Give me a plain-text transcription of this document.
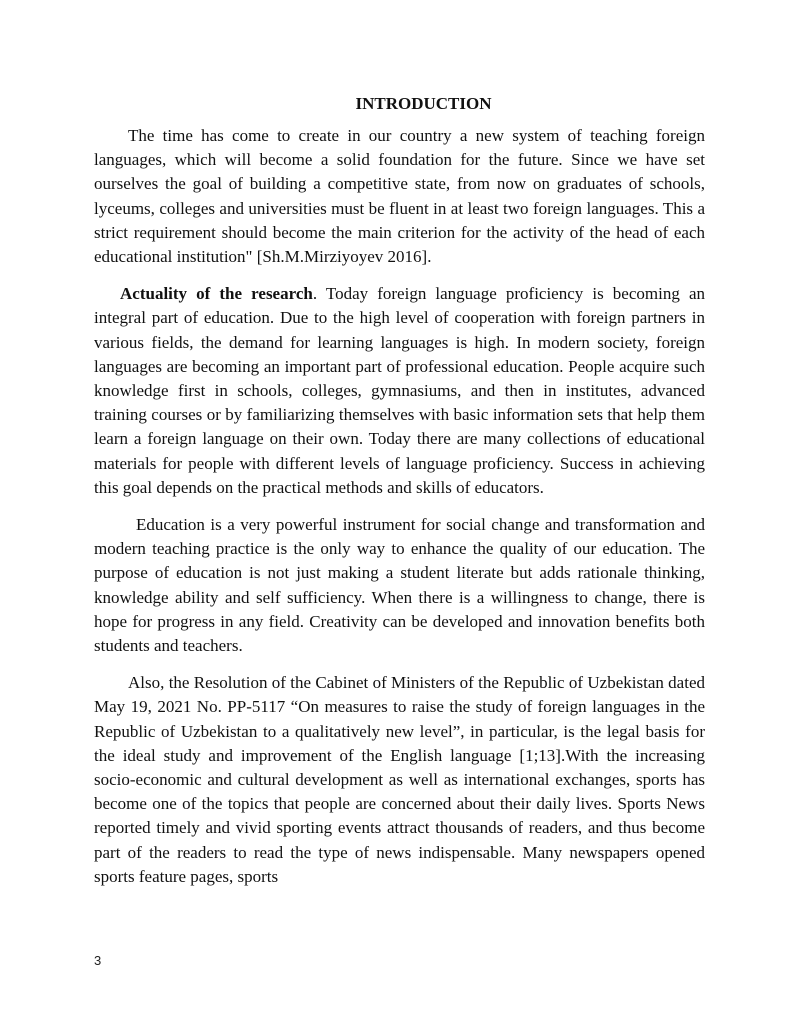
INTRODUCTION

The time has come to create in our country a new system of teaching foreign languages, which will become a solid foundation for the future. Since we have set ourselves the goal of building a competitive state, from now on graduates of schools, lyceums, colleges and universities must be fluent in at least two foreign languages. This a strict requirement should become the main criterion for the activity of the head of each educational institution" [Sh.M.Mirziyoyev 2016].

Actuality of the research. Today foreign language proficiency is becoming an integral part of education. Due to the high level of cooperation with foreign partners in various fields, the demand for learning languages is high. In modern society, foreign languages are becoming an important part of professional education. People acquire such knowledge first in schools, colleges, gymnasiums, and then in institutes, advanced training courses or by familiarizing themselves with basic information sets that help them learn a foreign language on their own. Today there are many collections of educational materials for people with different levels of language proficiency. Success in achieving this goal depends on the practical methods and skills of educators.

Education is a very powerful instrument for social change and transformation and modern teaching practice is the only way to enhance the quality of our education. The purpose of education is not just making a student literate but adds rationale thinking, knowledge ability and self sufficiency. When there is a willingness to change, there is hope for progress in any field. Creativity can be developed and innovation benefits both students and teachers.

Also, the Resolution of the Cabinet of Ministers of the Republic of Uzbekistan dated May 19, 2021 No. PP-5117 “On measures to raise the study of foreign languages in the Republic of Uzbekistan to a qualitatively new level”, in particular, is the legal basis for the ideal study and improvement of the English language [1;13].With the increasing socio-economic and cultural development as well as international exchanges, sports has become one of the topics that people are concerned about their daily lives. Sports News reported timely and vivid sporting events attract thousands of readers, and thus become part of the readers to read the type of news indispensable. Many newspapers opened sports feature pages, sports

3
